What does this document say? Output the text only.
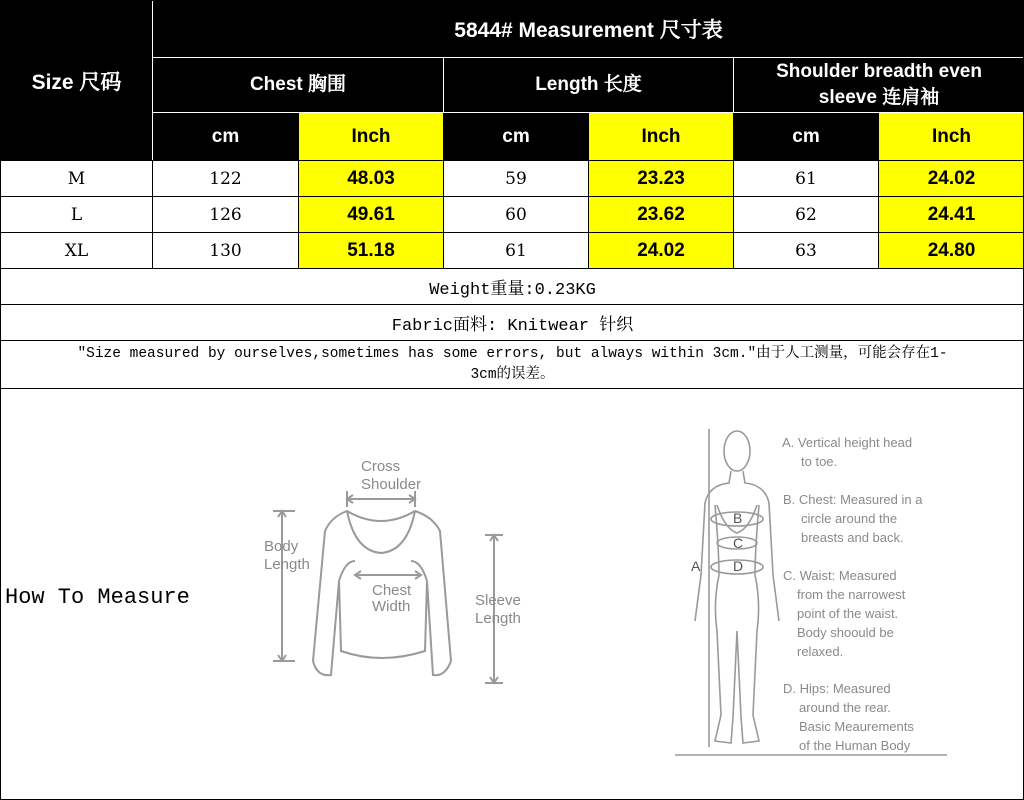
Size 尺码	5844# Measurement 尺寸表					
	Chest 胸围		Length 长度		Shoulder breadth even
sleeve 连肩袖	
	cm	Inch	cm	Inch	cm	Inch
M	122	48.03	59	23.23	61	24.02
L	126	49.61	60	23.62	62	24.41
XL	130	51.18	61	24.02	63	24.80
Weight重量:0.23KG						
Fabric面料: Knitwear 针织						
"Size measured by ourselves,sometimes has some errors, but always within 3cm."由于人工测量，可能会存在1-
3cm的误差。						
How To Measure
Cross
Shoulder
Body
Length
Chest
Width	Sleeve
Length
A
B
C
D
A. Vertical height head
to toe.
B. Chest: Measured in a
circle around the
breasts and back.
C. Waist: Measured
from the narrowest
point of the waist.
Body shoould be
relaxed.
D. Hips: Measured
around the rear.
Basic Meaurements
of the Human Body
